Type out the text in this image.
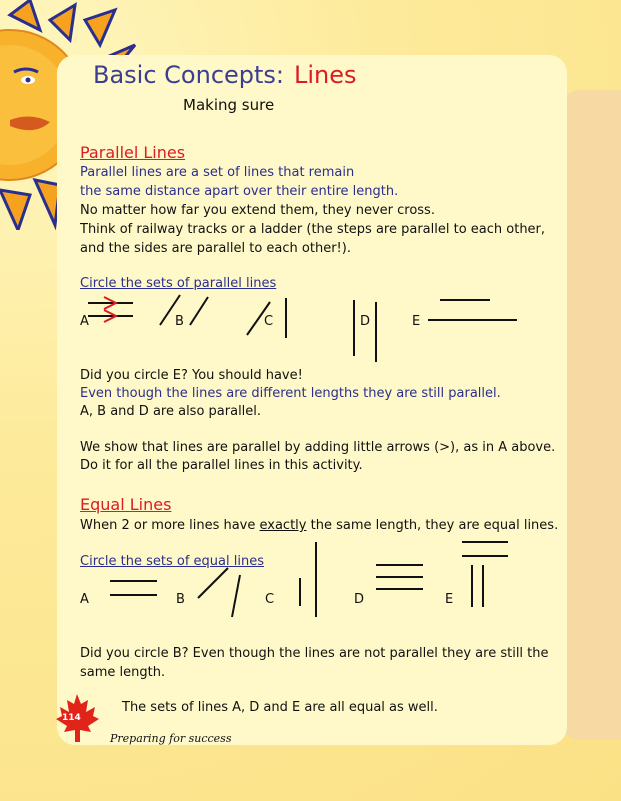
Basic Concepts: Lines

Making sure

Parallel Lines

Parallel lines are a set of lines that remain

the same distance apart over their entire length.

No matter how far you extend them, they never cross.

Think of railway tracks or a ladder (the steps are parallel to each other,

and the sides are parallel to each other!).

Circle the sets of parallel lines

A	B	C	D	E

Did you circle E? You should have!

Even though the lines are different lengths they are still parallel.

A, B and D are also parallel.

We show that lines are parallel by adding little arrows (>), as in A above.

Do it for all the parallel lines in this activity.

Equal Lines

When 2 or more lines have exactly the same length, they are equal lines.

Circle the sets of equal lines

A	B	C	D	E

Did you circle B? Even though the lines are not parallel they are still the

same length.

The sets of lines A, D and E are all equal as well.

114

Preparing for success
